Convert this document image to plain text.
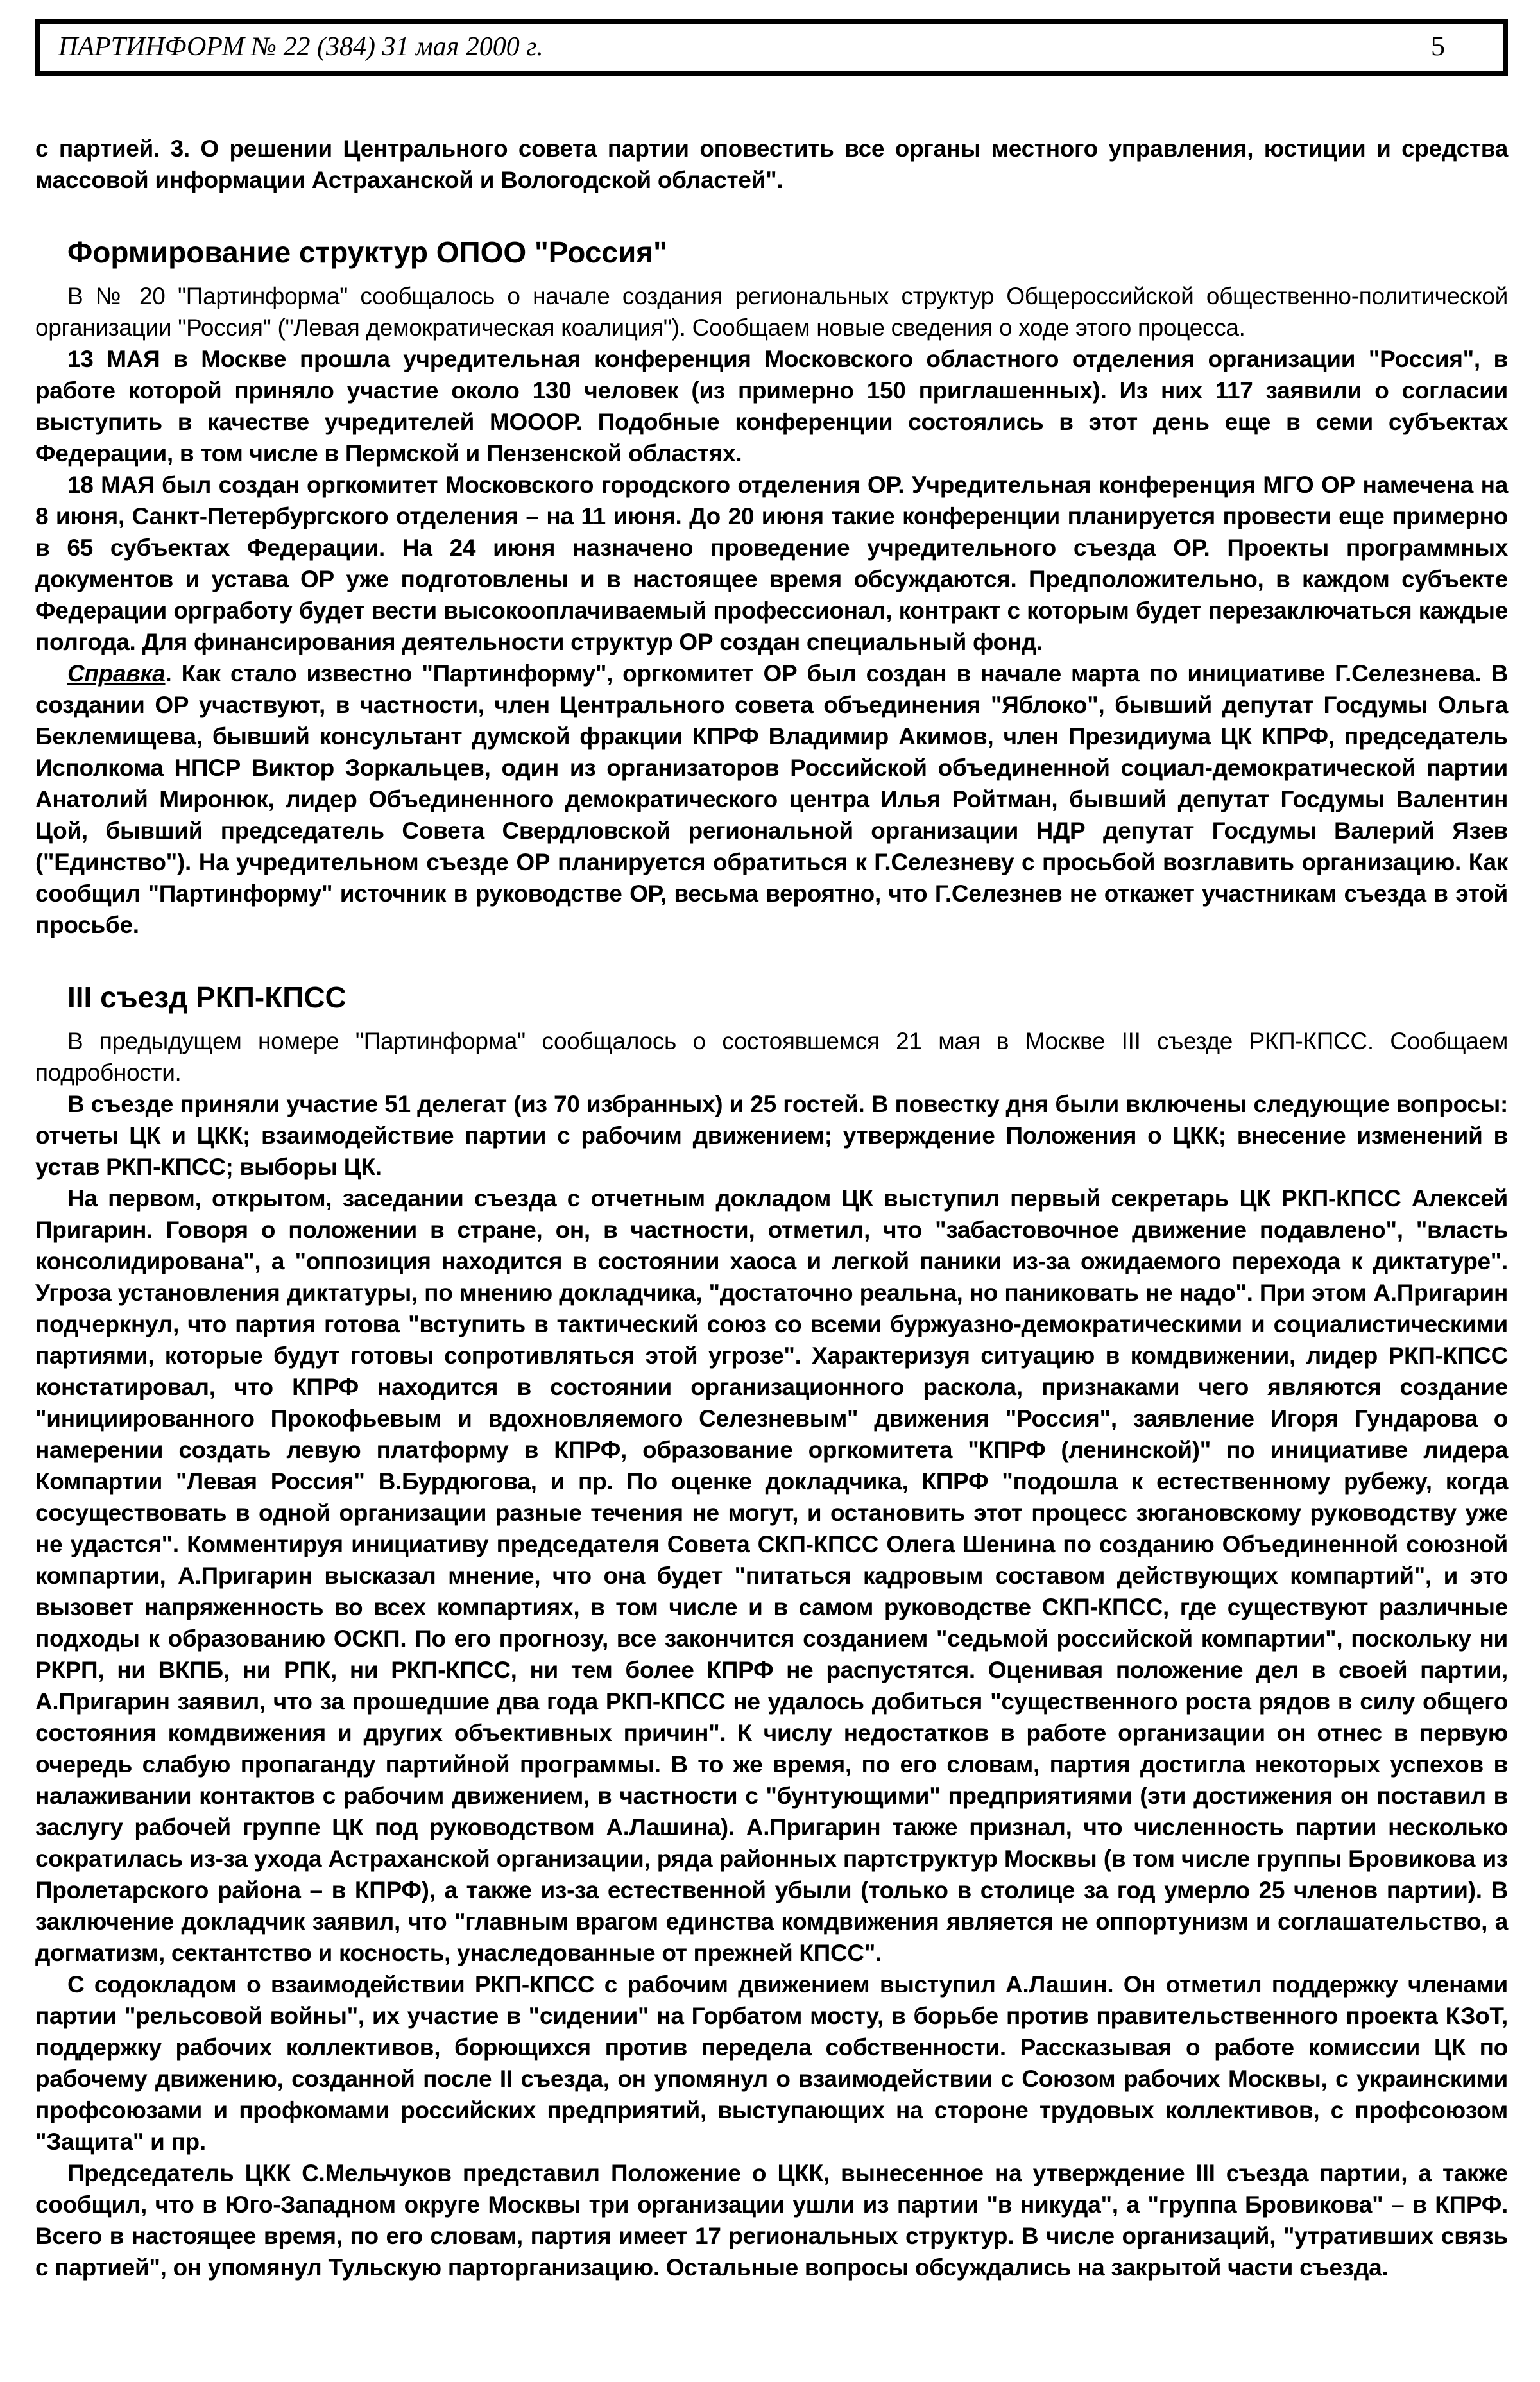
ПАРТИНФОРМ № 22 (384) 31 мая 2000 г.	5

с партией. 3. О решении Центрального совета партии оповестить все органы местного управления, юстиции и средства массовой информации Астраханской и Вологодской областей".

Формирование структур ОПОО "Россия"

В № 20 "Партинформа" сообщалось о начале создания региональных структур Общероссийской общественно-политической организации "Россия" ("Левая демократическая коалиция"). Сообщаем новые сведения о ходе этого процесса.

13 МАЯ в Москве прошла учредительная конференция Московского областного отделения организации "Россия", в работе которой приняло участие около 130 человек (из примерно 150 приглашенных). Из них 117 заявили о согласии выступить в качестве учредителей МОООР. Подобные конференции состоялись в этот день еще в семи субъектах Федерации, в том числе в Пермской и Пензенской областях.

18 МАЯ был создан оргкомитет Московского городского отделения ОР. Учредительная конференция МГО ОР намечена на 8 июня, Санкт-Петербургского отделения – на 11 июня. До 20 июня такие конференции планируется провести еще примерно в 65 субъектах Федерации. На 24 июня назначено проведение учредительного съезда ОР. Проекты программных документов и устава ОР уже подготовлены и в настоящее время обсуждаются. Предположительно, в каждом субъекте Федерации оргработу будет вести высокооплачиваемый профессионал, контракт с которым будет перезаключаться каждые полгода. Для финансирования деятельности структур ОР создан специальный фонд.

Справка. Как стало известно "Партинформу", оргкомитет ОР был создан в начале марта по инициативе Г.Селезнева. В создании ОР участвуют, в частности, член Центрального совета объединения "Яблоко", бывший депутат Госдумы Ольга Беклемищева, бывший консультант думской фракции КПРФ Владимир Акимов, член Президиума ЦК КПРФ, председатель Исполкома НПСР Виктор Зоркальцев, один из организаторов Российской объединенной социал-демократической партии Анатолий Миронюк, лидер Объединенного демократического центра Илья Ройтман, бывший депутат Госдумы Валентин Цой, бывший председатель Совета Свердловской региональной организации НДР депутат Госдумы Валерий Язев ("Единство"). На учредительном съезде ОР планируется обратиться к Г.Селезневу с просьбой возглавить организацию. Как сообщил "Партинформу" источник в руководстве ОР, весьма вероятно, что Г.Селезнев не откажет участникам съезда в этой просьбе.

III съезд РКП-КПСС

В предыдущем номере "Партинформа" сообщалось о состоявшемся 21 мая в Москве III съезде РКП-КПСС. Сообщаем подробности.

В съезде приняли участие 51 делегат (из 70 избранных) и 25 гостей. В повестку дня были включены следующие вопросы: отчеты ЦК и ЦКК; взаимодействие партии с рабочим движением; утверждение Положения о ЦКК; внесение изменений в устав РКП-КПСС; выборы ЦК.

На первом, открытом, заседании съезда с отчетным докладом ЦК выступил первый секретарь ЦК РКП-КПСС Алексей Пригарин. Говоря о положении в стране, он, в частности, отметил, что "забастовочное движение подавлено", "власть консолидирована", а "оппозиция находится в состоянии хаоса и легкой паники из-за ожидаемого перехода к диктатуре". Угроза установления диктатуры, по мнению докладчика, "достаточно реальна, но паниковать не надо". При этом А.Пригарин подчеркнул, что партия готова "вступить в тактический союз со всеми буржуазно-демократическими и социалистическими партиями, которые будут готовы сопротивляться этой угрозе". Характеризуя ситуацию в комдвижении, лидер РКП-КПСС констатировал, что КПРФ находится в состоянии организационного раскола, признаками чего являются создание "инициированного Прокофьевым и вдохновляемого Селезневым" движения "Россия", заявление Игоря Гундарова о намерении создать левую платформу в КПРФ, образование оргкомитета "КПРФ (ленинской)" по инициативе лидера Компартии "Левая Россия" В.Бурдюгова, и пр. По оценке докладчика, КПРФ "подошла к естественному рубежу, когда сосуществовать в одной организации разные течения не могут, и остановить этот процесс зюгановскому руководству уже не удастся". Комментируя инициативу председателя Совета СКП-КПСС Олега Шенина по созданию Объединенной союзной компартии, А.Пригарин высказал мнение, что она будет "питаться кадровым составом действующих компартий", и это вызовет напряженность во всех компартиях, в том числе и в самом руководстве СКП-КПСС, где существуют различные подходы к образованию ОСКП. По его прогнозу, все закончится созданием "седьмой российской компартии", поскольку ни РКРП, ни ВКПБ, ни РПК, ни РКП-КПСС, ни тем более КПРФ не распустятся. Оценивая положение дел в своей партии, А.Пригарин заявил, что за прошедшие два года РКП-КПСС не удалось добиться "существенного роста рядов в силу общего состояния комдвижения и других объективных причин". К числу недостатков в работе организации он отнес в первую очередь слабую пропаганду партийной программы. В то же время, по его словам, партия достигла некоторых успехов в налаживании контактов с рабочим движением, в частности с "бунтующими" предприятиями (эти достижения он поставил в заслугу рабочей группе ЦК под руководством А.Лашина). А.Пригарин также признал, что численность партии несколько сократилась из-за ухода Астраханской организации, ряда районных партструктур Москвы (в том числе группы Бровикова из Пролетарского района – в КПРФ), а также из-за естественной убыли (только в столице за год умерло 25 членов партии). В заключение докладчик заявил, что "главным врагом единства комдвижения является не оппортунизм и соглашательство, а догматизм, сектантство и косность, унаследованные от прежней КПСС".

С содокладом о взаимодействии РКП-КПСС с рабочим движением выступил А.Лашин. Он отметил поддержку членами партии "рельсовой войны", их участие в "сидении" на Горбатом мосту, в борьбе против правительственного проекта КЗоТ, поддержку рабочих коллективов, борющихся против передела собственности. Рассказывая о работе комиссии ЦК по рабочему движению, созданной после II съезда, он упомянул о взаимодействии с Союзом рабочих Москвы, с украинскими профсоюзами и профкомами российских предприятий, выступающих на стороне трудовых коллективов, с профсоюзом "Защита" и пр.

Председатель ЦКК С.Мельчуков представил Положение о ЦКК, вынесенное на утверждение III съезда партии, а также сообщил, что в Юго-Западном округе Москвы три организации ушли из партии "в никуда", а "группа Бровикова" – в КПРФ. Всего в настоящее время, по его словам, партия имеет 17 региональных структур. В числе организаций, "утративших связь с партией", он упомянул Тульскую парторганизацию. Остальные вопросы обсуждались на закрытой части съезда.
